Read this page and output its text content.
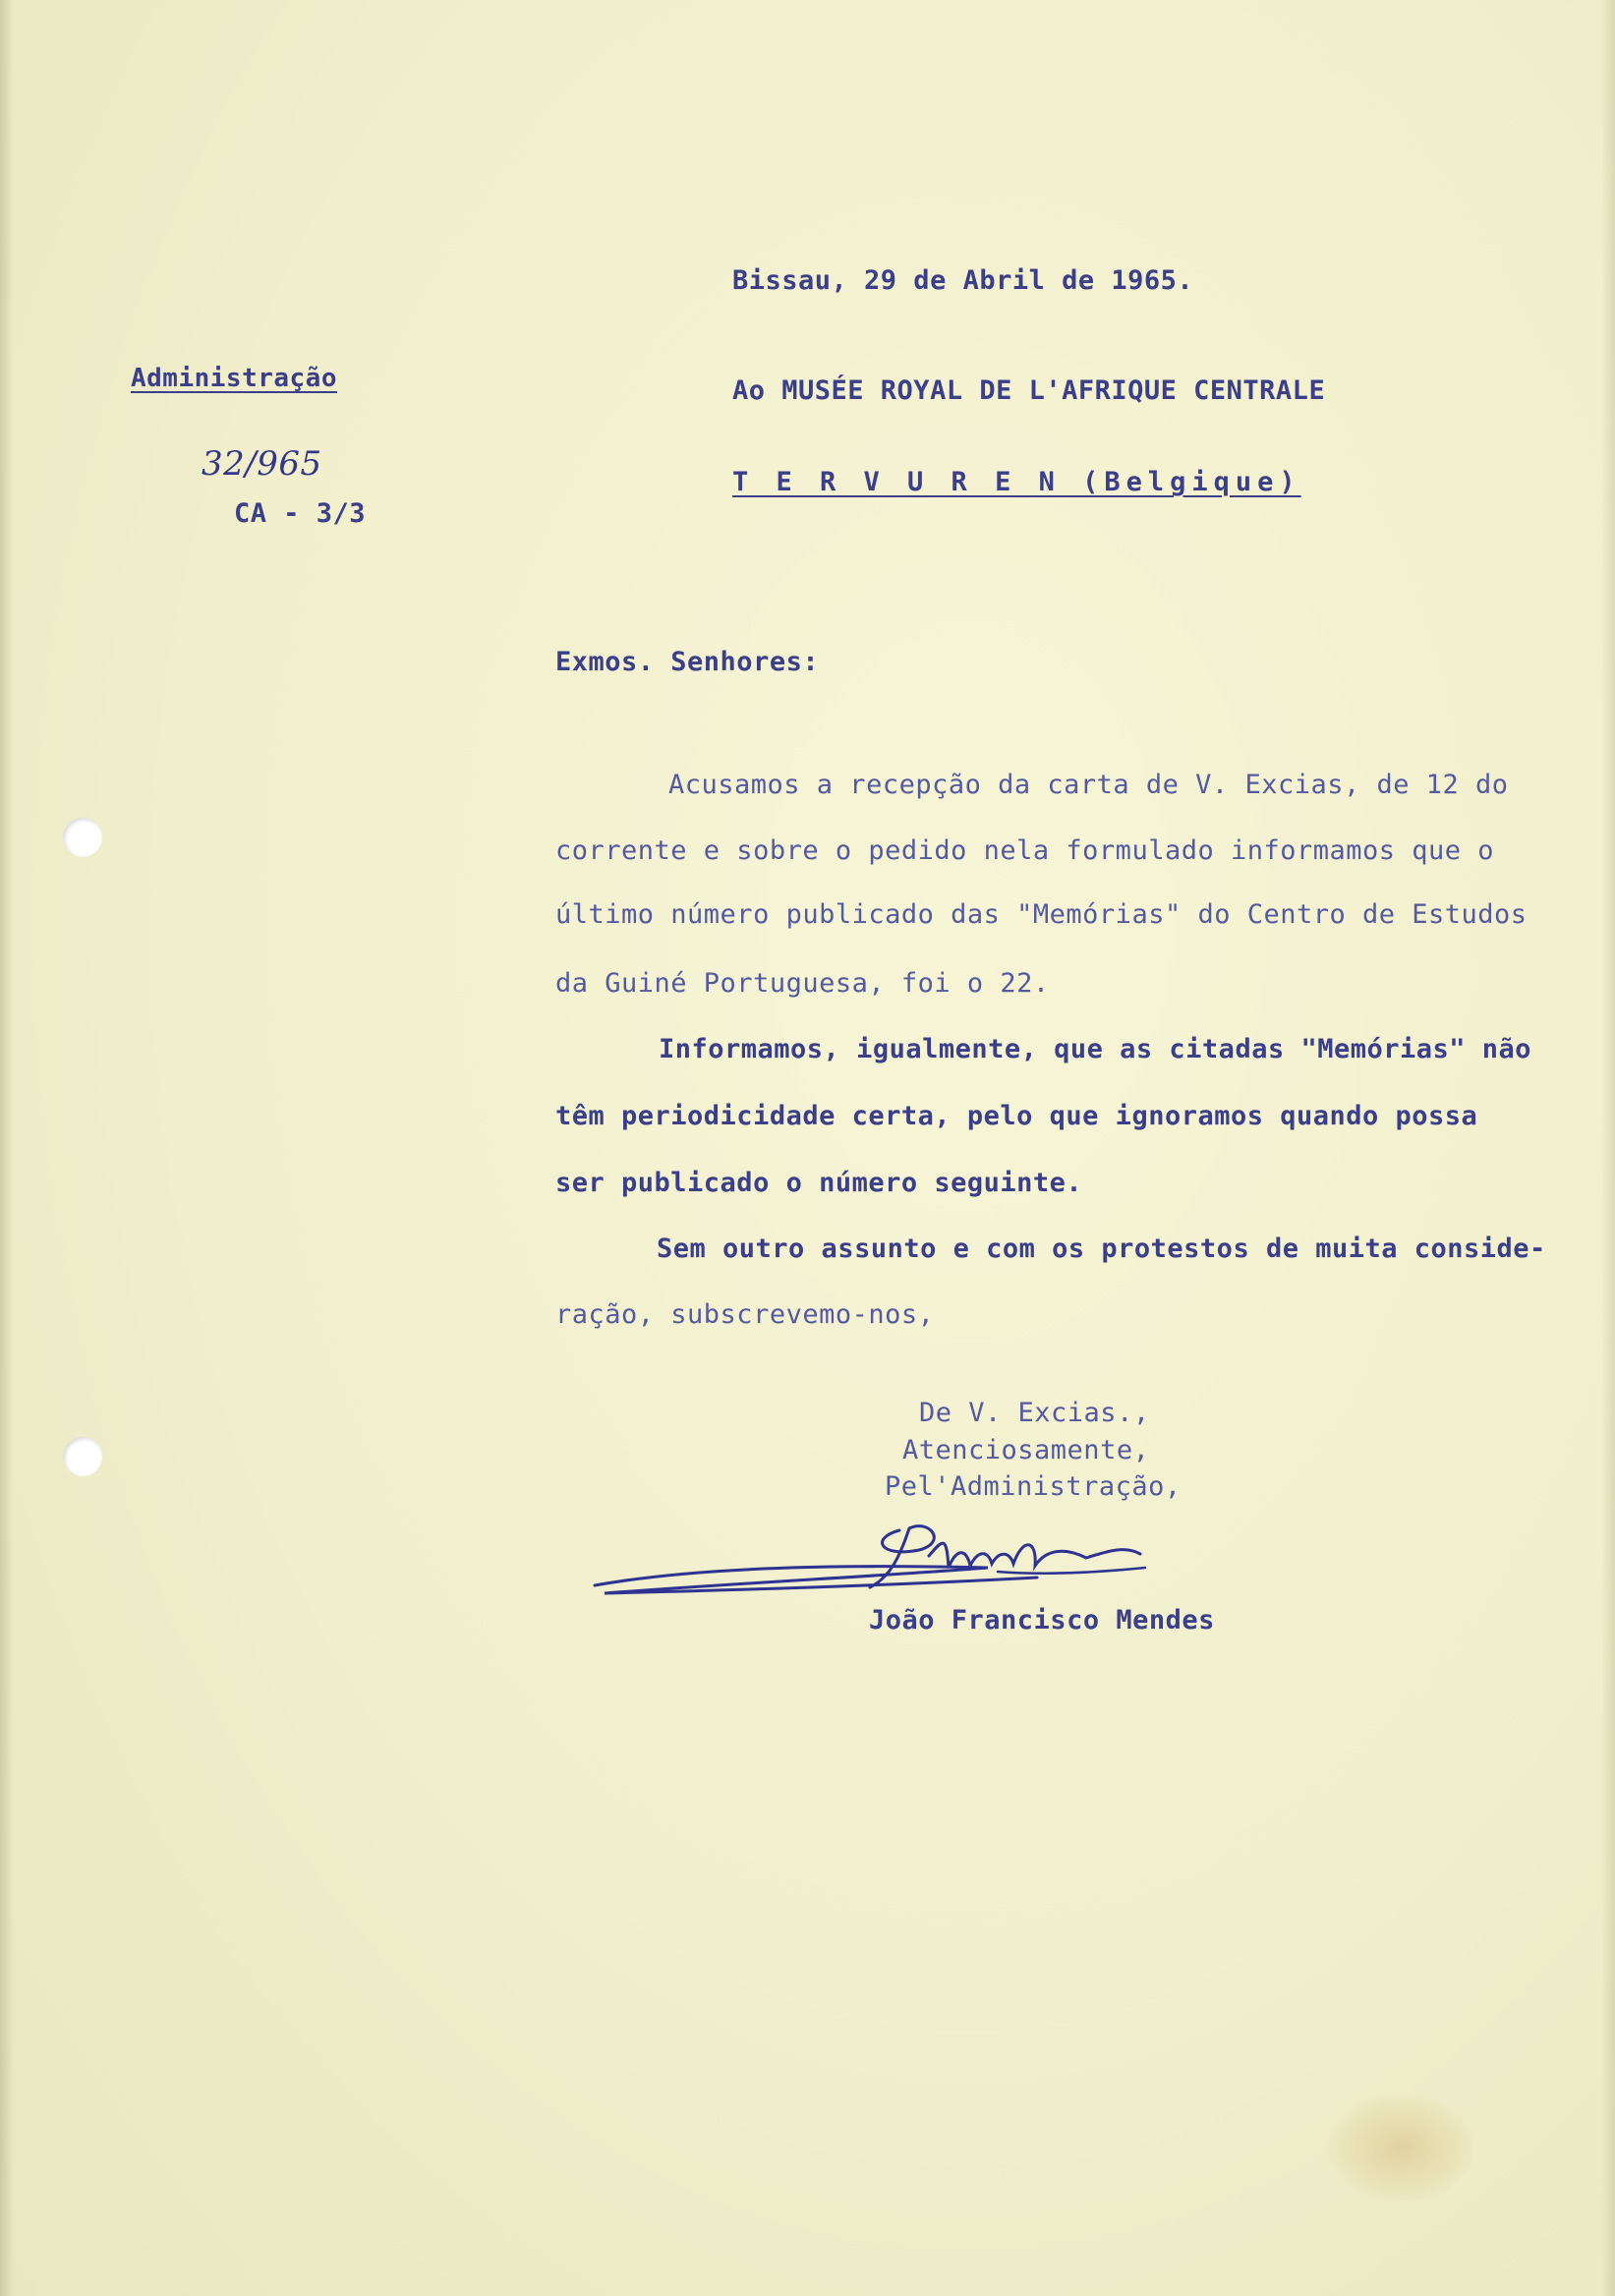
Bissau, 29 de Abril de 1965.
Administração
32/965
CA - 3/3
Ao MUSÉE ROYAL DE L'AFRIQUE CENTRALE
T E R V U R E N (Belgique)
Exmos. Senhores:
Acusamos a recepção da carta de V. Excias, de 12 do
corrente e sobre o pedido nela formulado informamos que o
último número publicado das "Memórias" do Centro de Estudos
da Guiné Portuguesa, foi o 22.
Informamos, igualmente, que as citadas "Memórias" não
têm periodicidade certa, pelo que ignoramos quando possa
ser publicado o número seguinte.
Sem outro assunto e com os protestos de muita conside-
ração, subscrevemo-nos,
De V. Excias.,
Atenciosamente,
Pel'Administração,
João Francisco Mendes
